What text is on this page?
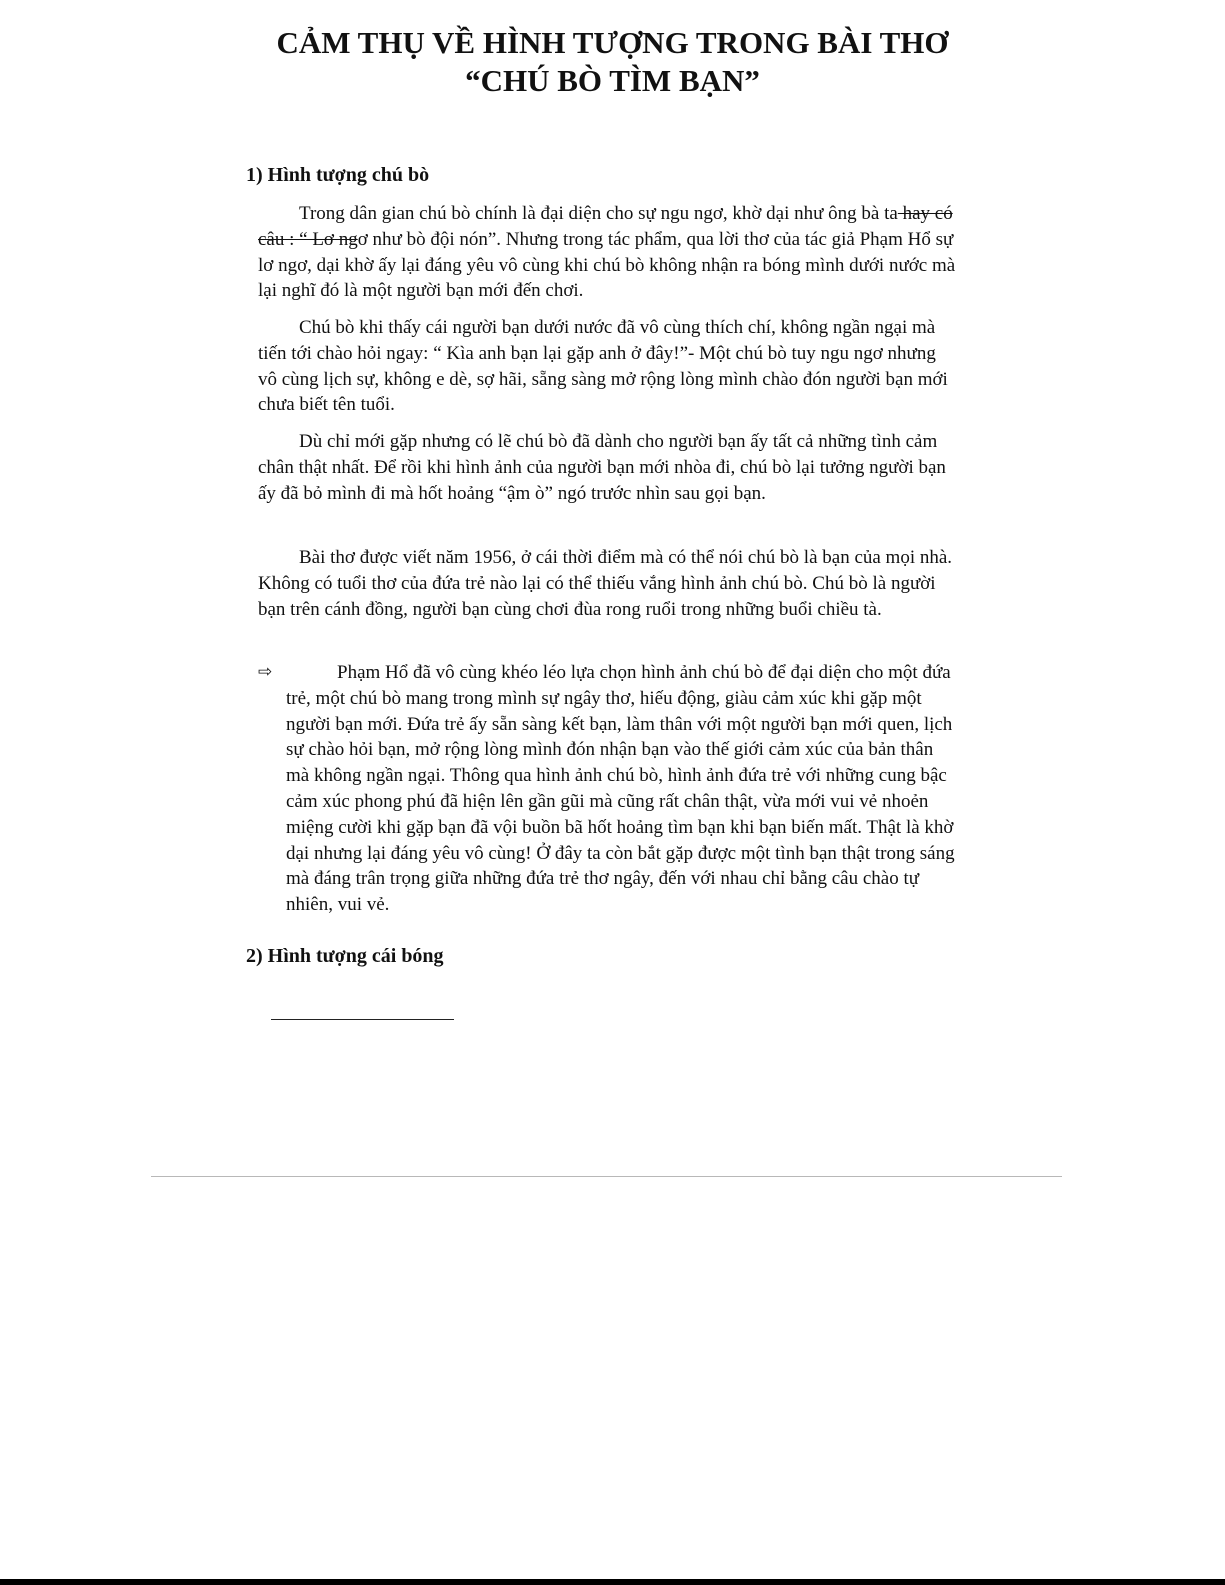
CẢM THỤ VỀ HÌNH TƯỢNG TRONG BÀI THƠ
“CHÚ BÒ TÌM BẠN”
1) Hình tượng chú bò

Trong dân gian chú bò chính là đại diện cho sự ngu ngơ, khờ dại như ông bà ta hay có câu : “ Lơ ngơ như bò đội nón”. Nhưng trong tác phẩm, qua lời thơ của tác giả Phạm Hổ sự lơ ngơ, dại khờ ấy lại đáng yêu vô cùng khi chú bò không nhận ra bóng mình dưới nước mà lại nghĩ đó là một người bạn mới đến chơi.

Chú bò khi thấy cái người bạn dưới nước đã vô cùng thích chí, không ngần ngại mà tiến tới chào hỏi ngay: “ Kìa anh bạn lại gặp anh ở đây!”- Một chú bò tuy ngu ngơ nhưng vô cùng lịch sự, không e dè, sợ hãi, sẵng sàng mở rộng lòng mình chào đón người bạn mới chưa biết tên tuổi.

Dù chỉ mới gặp nhưng có lẽ chú bò đã dành cho người bạn ấy tất cả những tình cảm chân thật nhất. Để rồi khi hình ảnh của người bạn mới nhòa đi, chú bò lại tưởng người bạn ấy đã bỏ mình đi mà hốt hoảng “ậm ò” ngó trước nhìn sau gọi bạn.

Bài thơ được viết năm 1956, ở cái thời điểm mà có thể nói chú bò là bạn của mọi nhà. Không có tuổi thơ của đứa trẻ nào lại có thể thiếu vắng hình ảnh chú bò. Chú bò là người bạn trên cánh đồng, người bạn cùng chơi đùa rong ruổi trong những buổi chiều tà.

⇨	Phạm Hổ đã vô cùng khéo léo lựa chọn hình ảnh chú bò để đại diện cho một đứa trẻ, một chú bò mang trong mình sự ngây thơ, hiếu động, giàu cảm xúc khi gặp một người bạn mới. Đứa trẻ ấy sẵn sàng kết bạn, làm thân với một người bạn mới quen, lịch sự chào hỏi bạn, mở rộng lòng mình đón nhận bạn vào thế giới cảm xúc của bản thân mà không ngần ngại. Thông qua hình ảnh chú bò, hình ảnh đứa trẻ với những cung bậc cảm xúc phong phú đã hiện lên gần gũi mà cũng rất chân thật, vừa mới vui vẻ nhoẻn miệng cười khi gặp bạn đã vội buồn bã hốt hoảng tìm bạn khi bạn biến mất. Thật là khờ dại nhưng lại đáng yêu vô cùng! Ở đây ta còn bắt gặp được một tình bạn thật trong sáng mà đáng trân trọng giữa những đứa trẻ thơ ngây, đến với nhau chỉ bằng câu chào tự nhiên, vui vẻ.

2) Hình tượng cái bóng
